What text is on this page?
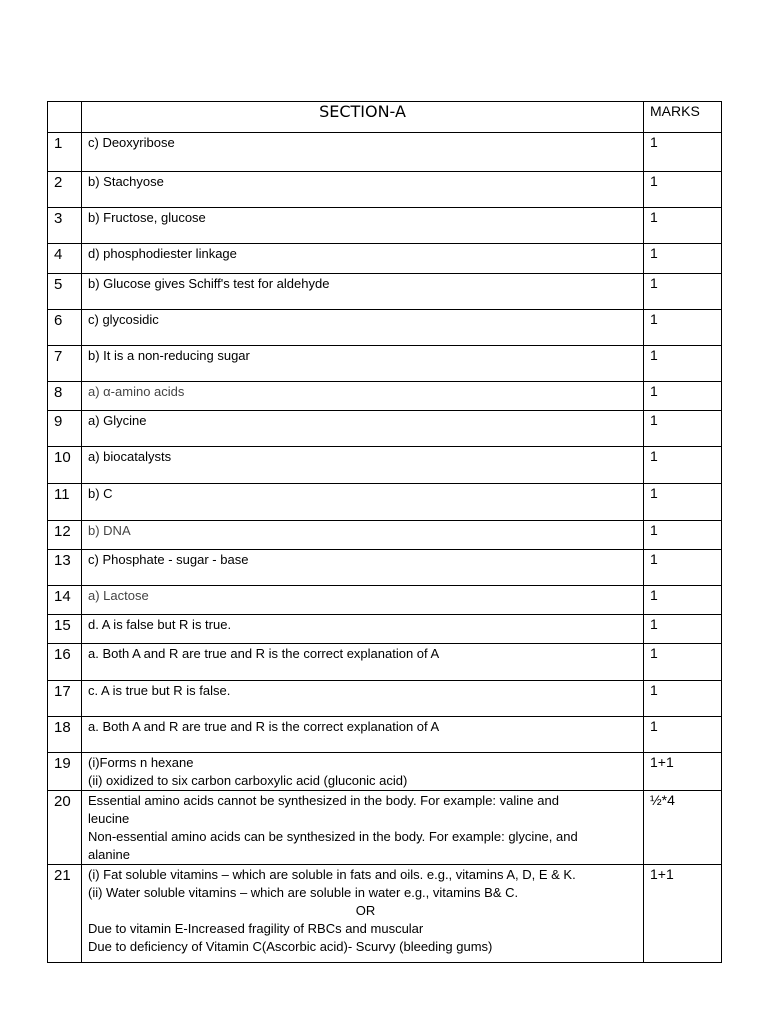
	SECTION-A	MARKS
1	c) Deoxyribose	1
2	b) Stachyose	1
3	b) Fructose, glucose	1
4	d) phosphodiester linkage	1
5	b) Glucose gives Schiff's test for aldehyde	1
6	c) glycosidic	1
7	b) It is a non-reducing sugar	1
8	a) α-amino acids	1
9	a) Glycine	1
10	a) biocatalysts	1
11	b) C	1
12	b) DNA	1
13	c) Phosphate - sugar - base	1
14	a) Lactose	1
15	d. A is false but R is true.	1
16	a. Both A and R are true and R is the correct explanation of A	1
17	c. A is true but R is false.	1
18	a. Both A and R are true and R is the correct explanation of A	1
19	(i)Forms n hexane
(ii) oxidized to six carbon carboxylic acid (gluconic acid)	1+1
20	Essential amino acids cannot be synthesized in the body. For example: valine and
leucine
Non-essential amino acids can be synthesized in the body. For example: glycine, and
alanine	½*4
21	(i) Fat soluble vitamins – which are soluble in fats and oils. e.g., vitamins A, D, E & K.
(ii) Water soluble vitamins – which are soluble in water e.g., vitamins B& C.
OR
Due to vitamin E-Increased fragility of RBCs and muscular
Due to deficiency of Vitamin C(Ascorbic acid)- Scurvy (bleeding gums)	1+1
